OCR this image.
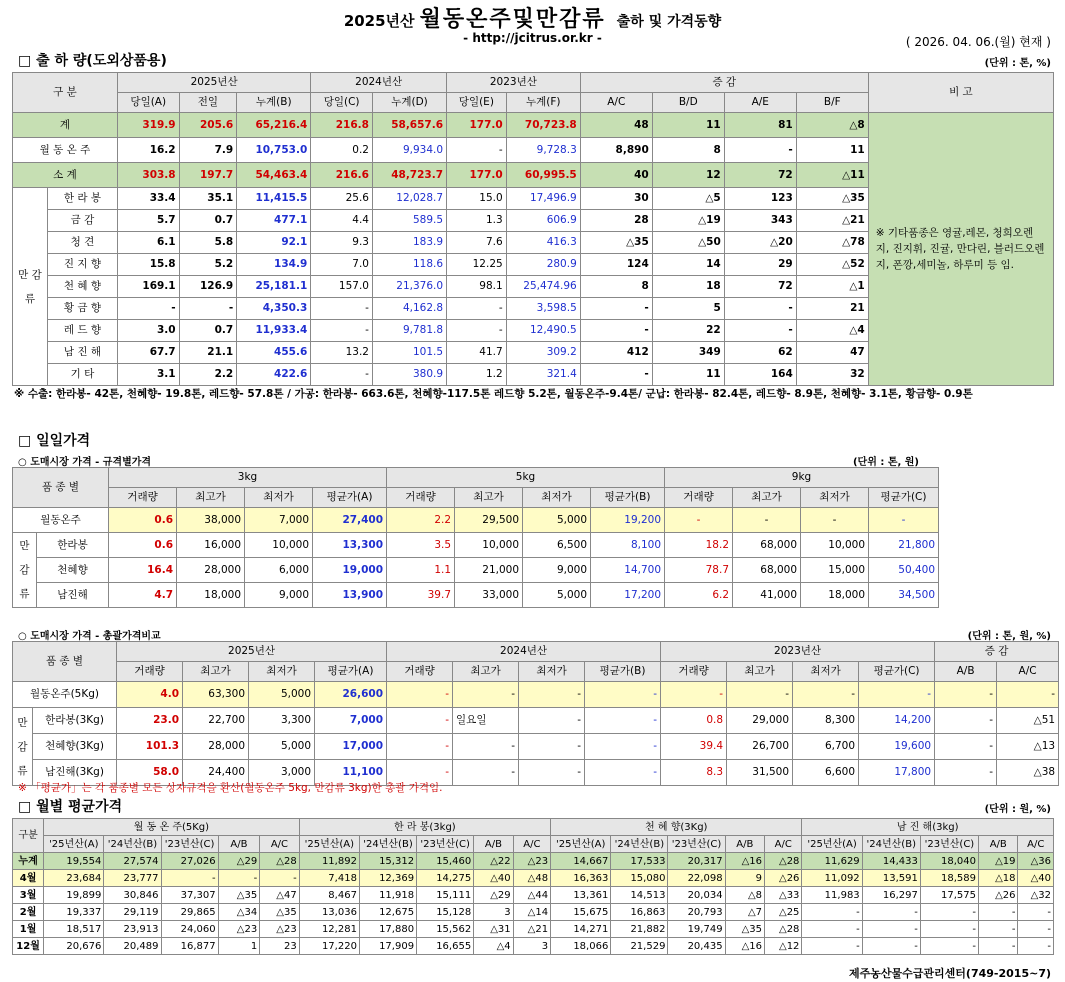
2025년산 월동온주및만감류 출하 및 가격동향
- http://jcitrus.or.kr -	( 2026. 04. 06.(월) 현재 )
□ 출 하 량(도외상품용)	(단위 : 톤, %)
구 분		2025년산			2024년산		2023년산		증 감				비 고
		당일(A)	전일	누계(B)	당일(C)	누계(D)	당일(E)	누계(F)	A/C	B/D	A/E	B/F	
계		319.9	205.6	65,216.4	216.8	58,657.6	177.0	70,723.8	48	11	81	△8	※ 기타품종은 영귤,레몬, 청희오렌지, 진지휘, 진귤, 만다린, 블러드오렌지, 폰깡,세미놀, 하루미 등 임.

월 동 온 주		16.2	7.9	10,753.0	0.2	9,934.0	-	9,728.3	8,890	8	-	11	
소 계		303.8	197.7	54,463.4	216.6	48,723.7	177.0	60,995.5	40	12	72	△11	
만 감 류	한 라 봉	33.4	35.1	11,415.5	25.6	12,028.7	15.0	17,496.9	30	△5	123	△35	
	금 감	5.7	0.7	477.1	4.4	589.5	1.3	606.9	28	△19	343	△21	
	청 견	6.1	5.8	92.1	9.3	183.9	7.6	416.3	△35	△50	△20	△78	
	진 지 향	15.8	5.2	134.9	7.0	118.6	12.25	280.9	124	14	29	△52	
	천 혜 향	169.1	126.9	25,181.1	157.0	21,376.0	98.1	25,474.96	8	18	72	△1	
	황 금 향	-	-	4,350.3	-	4,162.8	-	3,598.5	-	5	-	21	
	레 드 향	3.0	0.7	11,933.4	-	9,781.8	-	12,490.5	-	22	-	△4	
	남 진 해	67.7	21.1	455.6	13.2	101.5	41.7	309.2	412	349	62	47	
	기 타	3.1	2.2	422.6	-	380.9	1.2	321.4	-	11	164	32	
※ 수출: 한라봉- 42톤, 천혜향- 19.8톤, 레드향- 57.8톤 / 가공: 한라봉- 663.6톤, 천혜향-117.5톤 레드향 5.2톤, 월동온주-9.4톤/ 군납: 한라봉- 82.4톤, 레드향- 8.9톤, 천혜향- 3.1톤, 황금향- 0.9톤
□ 일일가격
○ 도매시장 가격 - 규격별가격	(단위 : 톤, 원)
품 종 별		3kg				5kg				9kg			
		거래량	최고가	최저가	평균가(A)	거래량	최고가	최저가	평균가(B)	거래량	최고가	최저가	평균가(C)
월동온주		0.6	38,000	7,000	27,400	2.2	29,500	5,000	19,200	-	-	-	-
만 감 류	한라봉	0.6	16,000	10,000	13,300	3.5	10,000	6,500	8,100	18.2	68,000	10,000	21,800
	천혜향	16.4	28,000	6,000	19,000	1.1	21,000	9,000	14,700	78.7	68,000	15,000	50,400
	남진해	4.7	18,000	9,000	13,900	39.7	33,000	5,000	17,200	6.2	41,000	18,000	34,500
○ 도매시장 가격 - 총괄가격비교	(단위 : 톤, 원, %)
품 종 별		2025년산				2024년산				2023년산				증 감	
		거래량	최고가	최저가	평균가(A)	거래량	최고가	최저가	평균가(B)	거래량	최고가	최저가	평균가(C)	A/B	A/C
월동온주(5Kg)		4.0	63,300	5,000	26,600	-	-	-	-	-	-	-	-	-	-
만 감 류	한라봉(3Kg)	23.0	22,700	3,300	7,000	-	일요일	-	-	0.8	29,000	8,300	14,200	-	△51
	천혜향(3Kg)	101.3	28,000	5,000	17,000	-	-	-	-	39.4	26,700	6,700	19,600	-	△13
	남진해(3Kg)	58.0	24,400	3,000	11,100	-	-	-	-	8.3	31,500	6,600	17,800	-	△38
※ 「평균가」는 각 품종별 모든 상자규격을 환산(월동온주 5kg, 만감류 3kg)한 총괄 가격임.
□ 월별 평균가격	(단위 : 원, %)
구분	월 동 온 주(5Kg)					한 라 봉(3kg)					천 혜 향(3Kg)					남 진 해(3kg)				
	'25년산(A)	'24년산(B)	'23년산(C)	A/B	A/C	'25년산(A)	'24년산(B)	'23년산(C)	A/B	A/C	'25년산(A)	'24년산(B)	'23년산(C)	A/B	A/C	'25년산(A)	'24년산(B)	'23년산(C)	A/B	A/C
누계	19,554	27,574	27,026	△29	△28	11,892	15,312	15,460	△22	△23	14,667	17,533	20,317	△16	△28	11,629	14,433	18,040	△19	△36
4월	23,684	23,777	-	-	-	7,418	12,369	14,275	△40	△48	16,363	15,080	22,098	9	△26	11,092	13,591	18,589	△18	△40
3월	19,899	30,846	37,307	△35	△47	8,467	11,918	15,111	△29	△44	13,361	14,513	20,034	△8	△33	11,983	16,297	17,575	△26	△32
2월	19,337	29,119	29,865	△34	△35	13,036	12,675	15,128	3	△14	15,675	16,863	20,793	△7	△25	-	-	-	-	-
1월	18,517	23,913	24,060	△23	△23	12,281	17,880	15,562	△31	△21	14,271	21,882	19,749	△35	△28	-	-	-	-	-
12월	20,676	20,489	16,877	1	23	17,220	17,909	16,655	△4	3	18,066	21,529	20,435	△16	△12	-	-	-	-	-
제주농산물수급관리센터(749-2015~7)
